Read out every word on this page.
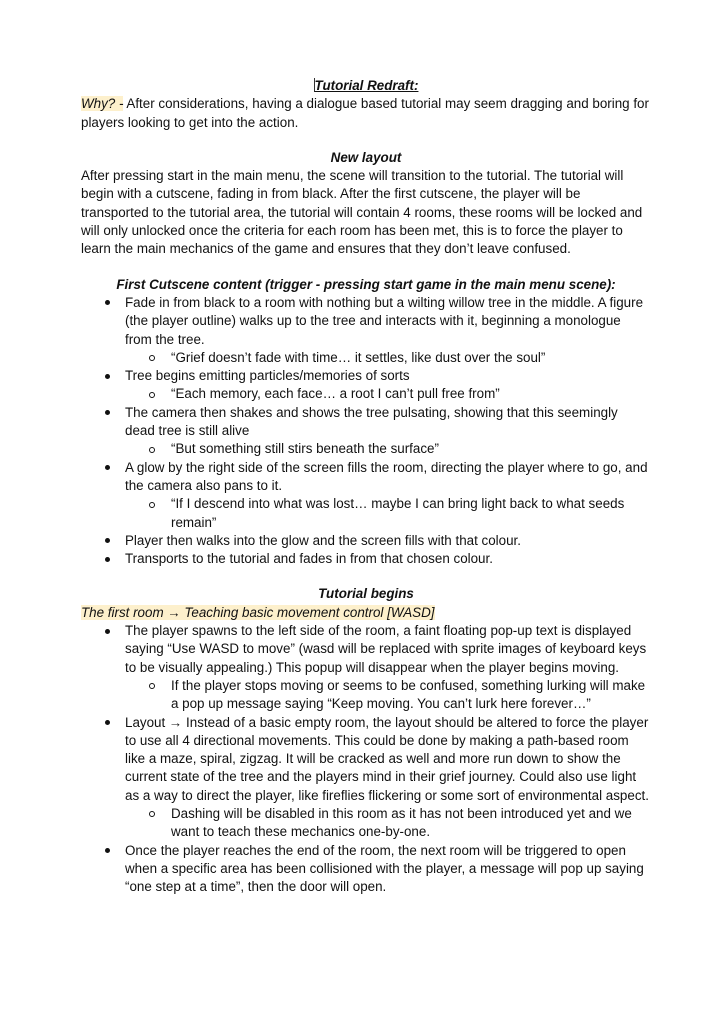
Tutorial Redraft:

Why? - After considerations, having a dialogue based tutorial may seem dragging and boring for players looking to get into the action.

New layout

After pressing start in the main menu, the scene will transition to the tutorial. The tutorial will begin with a cutscene, fading in from black. After the first cutscene, the player will be transported to the tutorial area, the tutorial will contain 4 rooms, these rooms will be locked and will only unlocked once the criteria for each room has been met, this is to force the player to learn the main mechanics of the game and ensures that they don’t leave confused.

First Cutscene content (trigger - pressing start game in the main menu scene):
Fade in from black to a room with nothing but a wilting willow tree in the middle. A figure (the player outline) walks up to the tree and interacts with it, beginning a monologue from the tree.
“Grief doesn’t fade with time… it settles, like dust over the soul”
Tree begins emitting particles/memories of sorts
“Each memory, each face… a root I can’t pull free from”
The camera then shakes and shows the tree pulsating, showing that this seemingly dead tree is still alive
“But something still stirs beneath the surface”
A glow by the right side of the screen fills the room, directing the player where to go, and the camera also pans to it.
“If I descend into what was lost… maybe I can bring light back to what seeds remain”
Player then walks into the glow and the screen fills with that colour.
Transports to the tutorial and fades in from that chosen colour.
Tutorial begins
The first room → Teaching basic movement control [WASD]
The player spawns to the left side of the room, a faint floating pop-up text is displayed saying “Use WASD to move” (wasd will be replaced with sprite images of keyboard keys to be visually appealing.) This popup will disappear when the player begins moving.
If the player stops moving or seems to be confused, something lurking will make a pop up message saying “Keep moving. You can’t lurk here forever…”
Layout → Instead of a basic empty room, the layout should be altered to force the player to use all 4 directional movements. This could be done by making a path-based room like a maze, spiral, zigzag. It will be cracked as well and more run down to show the current state of the tree and the players mind in their grief journey. Could also use light as a way to direct the player, like fireflies flickering or some sort of environmental aspect.
Dashing will be disabled in this room as it has not been introduced yet and we want to teach these mechanics one-by-one.
Once the player reaches the end of the room, the next room will be triggered to open when a specific area has been collisioned with the player, a message will pop up saying “one step at a time”, then the door will open.
